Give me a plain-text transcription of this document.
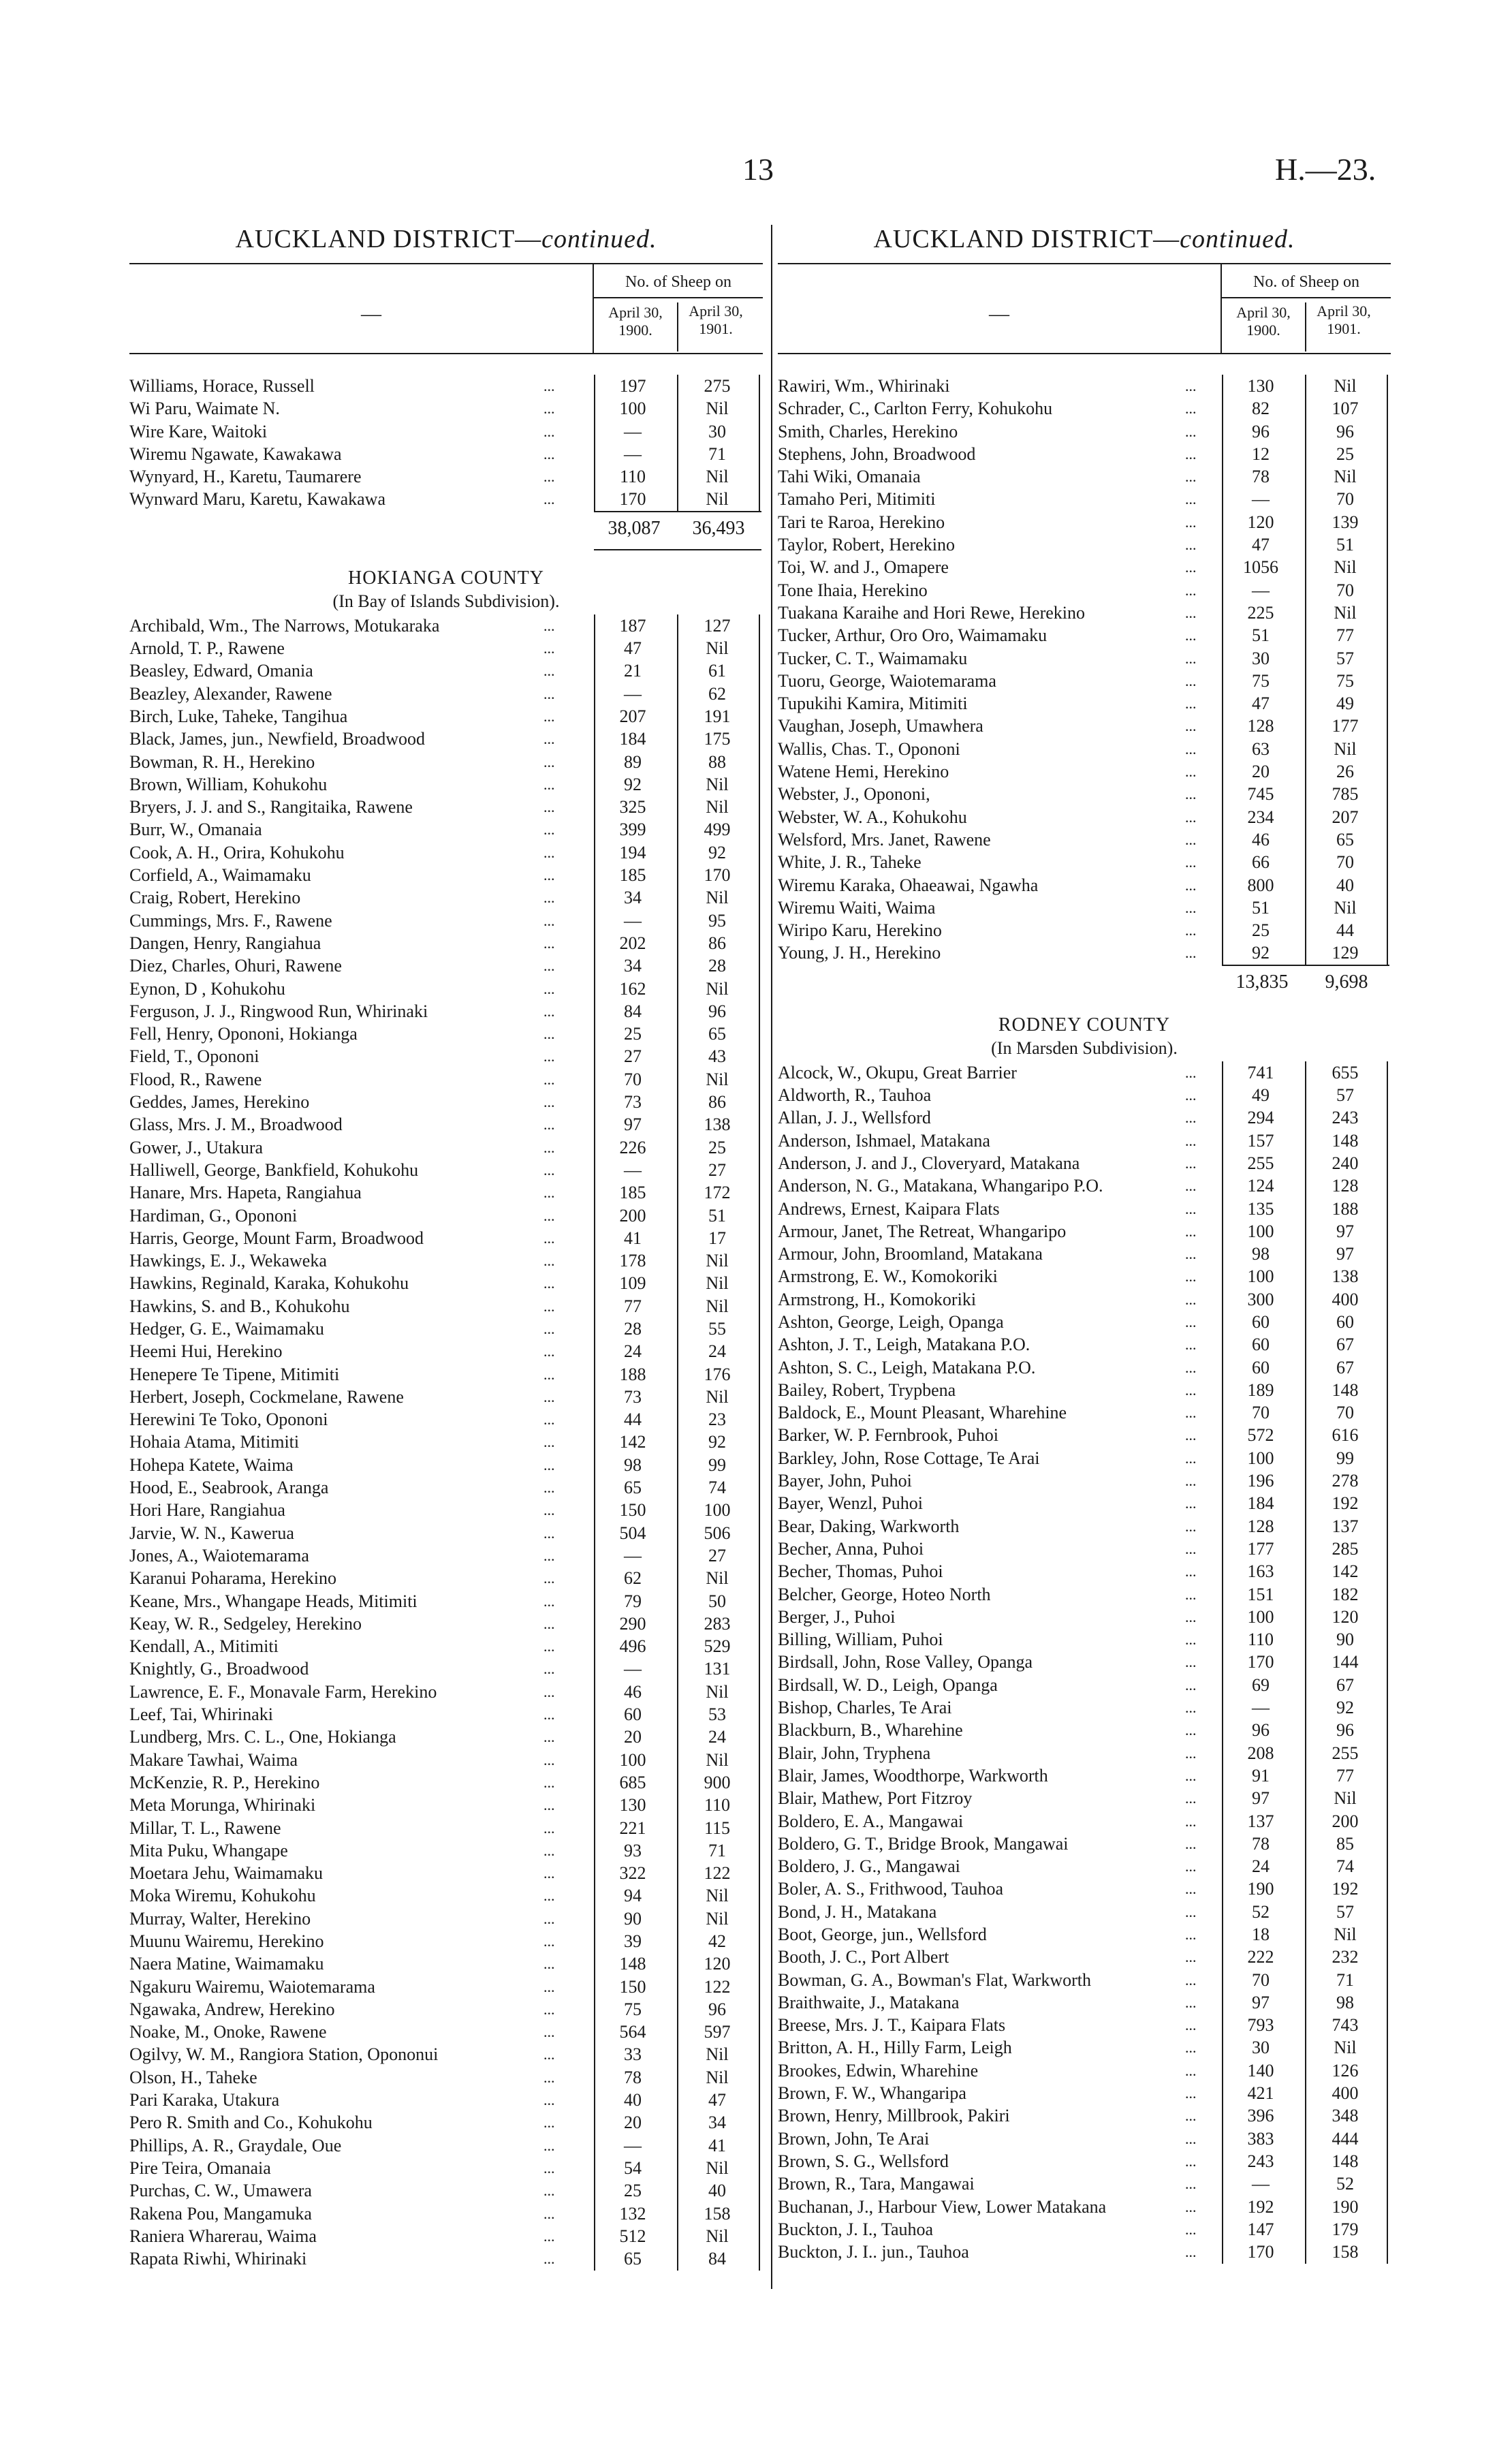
13	H.—23.
AUCKLAND DISTRICT—continued.
—
No. of Sheep on
April 30, 1900.
April 30, 1901.
Williams, Horace, Russell	...	197	275
Wi Paru, Waimate N.	...	100	Nil
Wire Kare, Waitoki	...	—	30
Wiremu Ngawate, Kawakawa	...	—	71
Wynyard, H., Karetu, Taumarere	...	110	Nil
Wynward Maru, Karetu, Kawakawa	...	170	Nil
38,087	36,493
HOKIANGA COUNTY
(In Bay of Islands Subdivision).
Archibald, Wm., The Narrows, Motukaraka	...	187	127
Arnold, T. P., Rawene	...	47	Nil
Beasley, Edward, Omania	...	21	61
Beazley, Alexander, Rawene	...	—	62
Birch, Luke, Taheke, Tangihua	...	207	191
Black, James, jun., Newfield, Broadwood	...	184	175
Bowman, R. H., Herekino	...	89	88
Brown, William, Kohukohu	...	92	Nil
Bryers, J. J. and S., Rangitaika, Rawene	...	325	Nil
Burr, W., Omanaia	...	399	499
Cook, A. H., Orira, Kohukohu	...	194	92
Corfield, A., Waimamaku	...	185	170
Craig, Robert, Herekino	...	34	Nil
Cummings, Mrs. F., Rawene	...	—	95
Dangen, Henry, Rangiahua	...	202	86
Diez, Charles, Ohuri, Rawene	...	34	28
Eynon, D , Kohukohu	...	162	Nil
Ferguson, J. J., Ringwood Run, Whirinaki	...	84	96
Fell, Henry, Opononi, Hokianga	...	25	65
Field, T., Opononi	...	27	43
Flood, R., Rawene	...	70	Nil
Geddes, James, Herekino	...	73	86
Glass, Mrs. J. M., Broadwood	...	97	138
Gower, J., Utakura	...	226	25
Halliwell, George, Bankfield, Kohukohu	...	—	27
Hanare, Mrs. Hapeta, Rangiahua	...	185	172
Hardiman, G., Opononi	...	200	51
Harris, George, Mount Farm, Broadwood	...	41	17
Hawkings, E. J., Wekaweka	...	178	Nil
Hawkins, Reginald, Karaka, Kohukohu	...	109	Nil
Hawkins, S. and B., Kohukohu	...	77	Nil
Hedger, G. E., Waimamaku	...	28	55
Heemi Hui, Herekino	...	24	24
Henepere Te Tipene, Mitimiti	...	188	176
Herbert, Joseph, Cockmelane, Rawene	...	73	Nil
Herewini Te Toko, Opononi	...	44	23
Hohaia Atama, Mitimiti	...	142	92
Hohepa Katete, Waima	...	98	99
Hood, E., Seabrook, Aranga	...	65	74
Hori Hare, Rangiahua	...	150	100
Jarvie, W. N., Kaweruа	...	504	506
Jones, A., Waiotemarama	...	—	27
Karanui Poharama, Herekino	...	62	Nil
Keane, Mrs., Whangape Heads, Mitimiti	...	79	50
Keay, W. R., Sedgeley, Herekino	...	290	283
Kendall, A., Mitimiti	...	496	529
Knightly, G., Broadwood	...	—	131
Lawrence, E. F., Monavale Farm, Herekino	...	46	Nil
Leef, Tai, Whirinaki	...	60	53
Lundberg, Mrs. C. L., One, Hokianga	...	20	24
Makare Tawhai, Waima	...	100	Nil
McKenzie, R. P., Herekino	...	685	900
Meta Morunga, Whirinaki	...	130	110
Millar, T. L., Rawene	...	221	115
Mita Puku, Whangape	...	93	71
Moetara Jehu, Waimamaku	...	322	122
Moka Wiremu, Kohukohu	...	94	Nil
Murray, Walter, Herekino	...	90	Nil
Muunu Wairemu, Herekino	...	39	42
Naera Matine, Waimamaku	...	148	120
Ngakuru Wairemu, Waiotemarama	...	150	122
Ngawaka, Andrew, Herekino	...	75	96
Noake, M., Onoke, Rawene	...	564	597
Ogilvy, W. M., Rangiora Station, Opononui	...	33	Nil
Olson, H., Taheke	...	78	Nil
Pari Karaka, Utakura	...	40	47
Pero R. Smith and Co., Kohukohu	...	20	34
Phillips, A. R., Graydale, Oue	...	—	41
Pire Teira, Omanaia	...	54	Nil
Purchas, C. W., Umawera	...	25	40
Rakena Pou, Mangamuka	...	132	158
Raniera Wharerau, Waima	...	512	Nil
Rapata Riwhi, Whirinaki	...	65	84
AUCKLAND DISTRICT—continued.
—
No. of Sheep on
April 30, 1900.
April 30, 1901.
Rawiri, Wm., Whirinaki	...	130	Nil
Schrader, C., Carlton Ferry, Kohukohu	...	82	107
Smith, Charles, Herekino	...	96	96
Stephens, John, Broadwood	...	12	25
Tahi Wiki, Omanaia	...	78	Nil
Tamaho Peri, Mitimiti	...	—	70
Tari te Raroa, Herekino	...	120	139
Taylor, Robert, Herekino	...	47	51
Toi, W. and J., Omapere	...	1056	Nil
Tone Ihaia, Herekino	...	—	70
Tuakana Karaihe and Hori Rewe, Herekino	...	225	Nil
Tucker, Arthur, Oro Oro, Waimamaku	...	51	77
Tucker, C. T., Waimamaku	...	30	57
Tuoru, George, Waiotemarama	...	75	75
Tupukihi Kamira, Mitimiti	...	47	49
Vaughan, Joseph, Umawhera	...	128	177
Wallis, Chas. T., Opononi	...	63	Nil
Watene Hemi, Herekino	...	20	26
Webster, J., Opononi,	...	745	785
Webster, W. A., Kohukohu	...	234	207
Welsford, Mrs. Janet, Rawene	...	46	65
White, J. R., Taheke	...	66	70
Wiremu Karaka, Ohaeawai, Ngawha	...	800	40
Wiremu Waiti, Waima	...	51	Nil
Wiripo Karu, Herekino	...	25	44
Young, J. H., Herekino	...	92	129
13,835	9,698
RODNEY COUNTY
(In Marsden Subdivision).
Alcock, W., Okupu, Great Barrier	...	741	655
Aldworth, R., Tauhoa	...	49	57
Allan, J. J., Wellsford	...	294	243
Anderson, Ishmael, Matakana	...	157	148
Anderson, J. and J., Cloveryard, Matakana	...	255	240
Anderson, N. G., Matakana, Whangaripo P.O.	...	124	128
Andrews, Ernest, Kaipara Flats	...	135	188
Armour, Janet, The Retreat, Whangaripo	...	100	97
Armour, John, Broomland, Matakana	...	98	97
Armstrong, E. W., Komokoriki	...	100	138
Armstrong, H., Komokoriki	...	300	400
Ashton, George, Leigh, Opanga	...	60	60
Ashton, J. T., Leigh, Matakana P.O.	...	60	67
Ashton, S. C., Leigh, Matakana P.O.	...	60	67
Bailey, Robert, Trypbena	...	189	148
Baldock, E., Mount Pleasant, Wharehine	...	70	70
Barker, W. P. Fernbrook, Puhoi	...	572	616
Barkley, John, Rose Cottage, Te Arai	...	100	99
Bayer, John, Puhoi	...	196	278
Bayer, Wenzl, Puhoi	...	184	192
Bear, Daking, Warkworth	...	128	137
Becher, Anna, Puhoi	...	177	285
Becher, Thomas, Puhoi	...	163	142
Belcher, George, Hoteo North	...	151	182
Berger, J., Puhoi	...	100	120
Billing, William, Puhoi	...	110	90
Birdsall, John, Rose Valley, Opanga	...	170	144
Birdsall, W. D., Leigh, Opanga	...	69	67
Bishop, Charles, Te Arai	...	—	92
Blackburn, B., Wharehine	...	96	96
Blair, John, Tryphena	...	208	255
Blair, James, Woodthorpe, Warkworth	...	91	77
Blair, Mathew, Port Fitzroy	...	97	Nil
Boldero, E. A., Mangawai	...	137	200
Boldero, G. T., Bridge Brook, Mangawai	...	78	85
Boldero, J. G., Mangawai	...	24	74
Boler, A. S., Frithwood, Tauhoa	...	190	192
Bond, J. H., Matakana	...	52	57
Boot, George, jun., Wellsford	...	18	Nil
Booth, J. C., Port Albert	...	222	232
Bowman, G. A., Bowman's Flat, Warkworth	...	70	71
Braithwaite, J., Matakana	...	97	98
Breese, Mrs. J. T., Kaipara Flats	...	793	743
Britton, A. H., Hilly Farm, Leigh	...	30	Nil
Brookes, Edwin, Wharehine	...	140	126
Brown, F. W., Whangaripa	...	421	400
Brown, Henry, Millbrook, Pakiri	...	396	348
Brown, John, Te Arai	...	383	444
Brown, S. G., Wellsford	...	243	148
Brown, R., Tara, Mangawai	...	—	52
Buchanan, J., Harbour View, Lower Matakana	...	192	190
Buckton, J. I., Tauhoa	...	147	179
Buckton, J. I.. jun., Tauhoa	...	170	158
